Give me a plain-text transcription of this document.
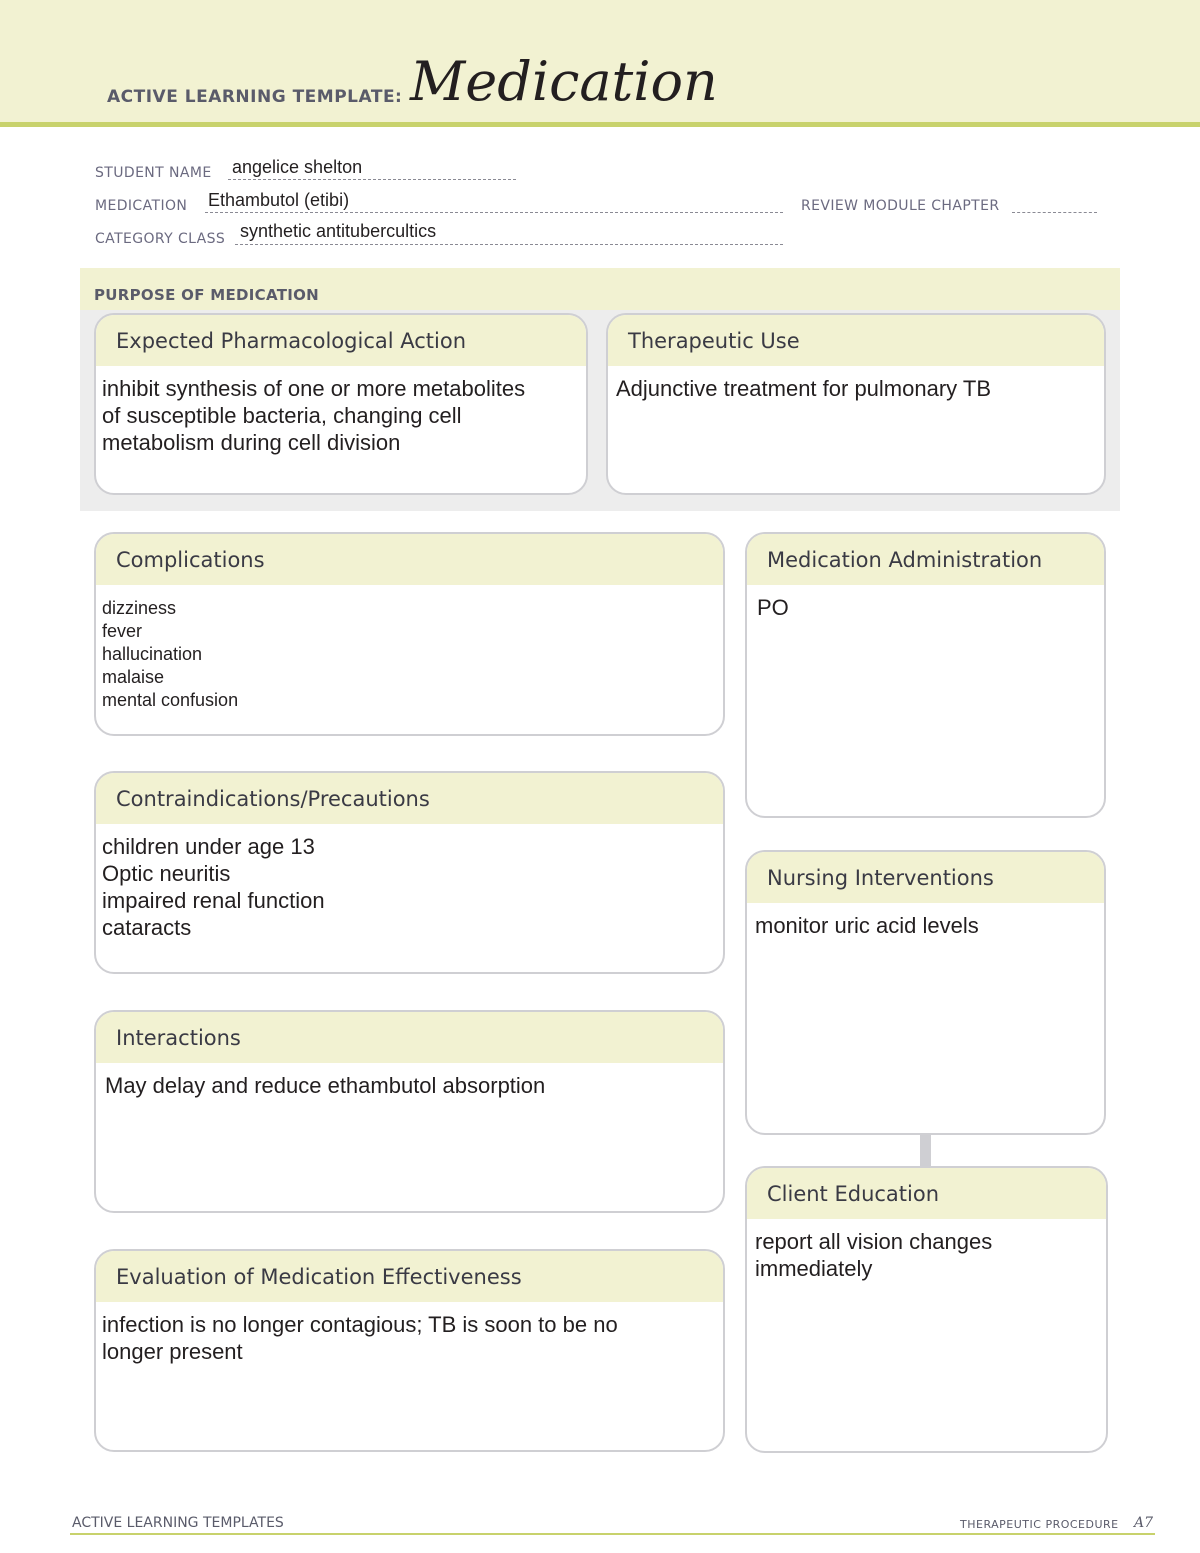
ACTIVE LEARNING TEMPLATE: Medication
STUDENT NAME angelice shelton
MEDICATION Ethambutol (etibi)	REVIEW MODULE CHAPTER
CATEGORY CLASS synthetic antitubercultics
PURPOSE OF MEDICATION
Expected Pharmacological Action
inhibit synthesis of one or more metabolites
of susceptible bacteria, changing cell
metabolism during cell division
Therapeutic Use
Adjunctive treatment for pulmonary TB
Complications
dizziness
fever
hallucination
malaise
mental confusion
Contraindications/Precautions
children under age 13
Optic neuritis
impaired renal function
cataracts
Interactions
May delay and reduce ethambutol absorption
Evaluation of Medication Effectiveness
infection is no longer contagious; TB is soon to be no
longer present
Medication Administration
PO
Nursing Interventions
monitor uric acid levels
Client Education
report all vision changes
immediately
ACTIVE LEARNING TEMPLATES	THERAPEUTIC PROCEDURE A7
